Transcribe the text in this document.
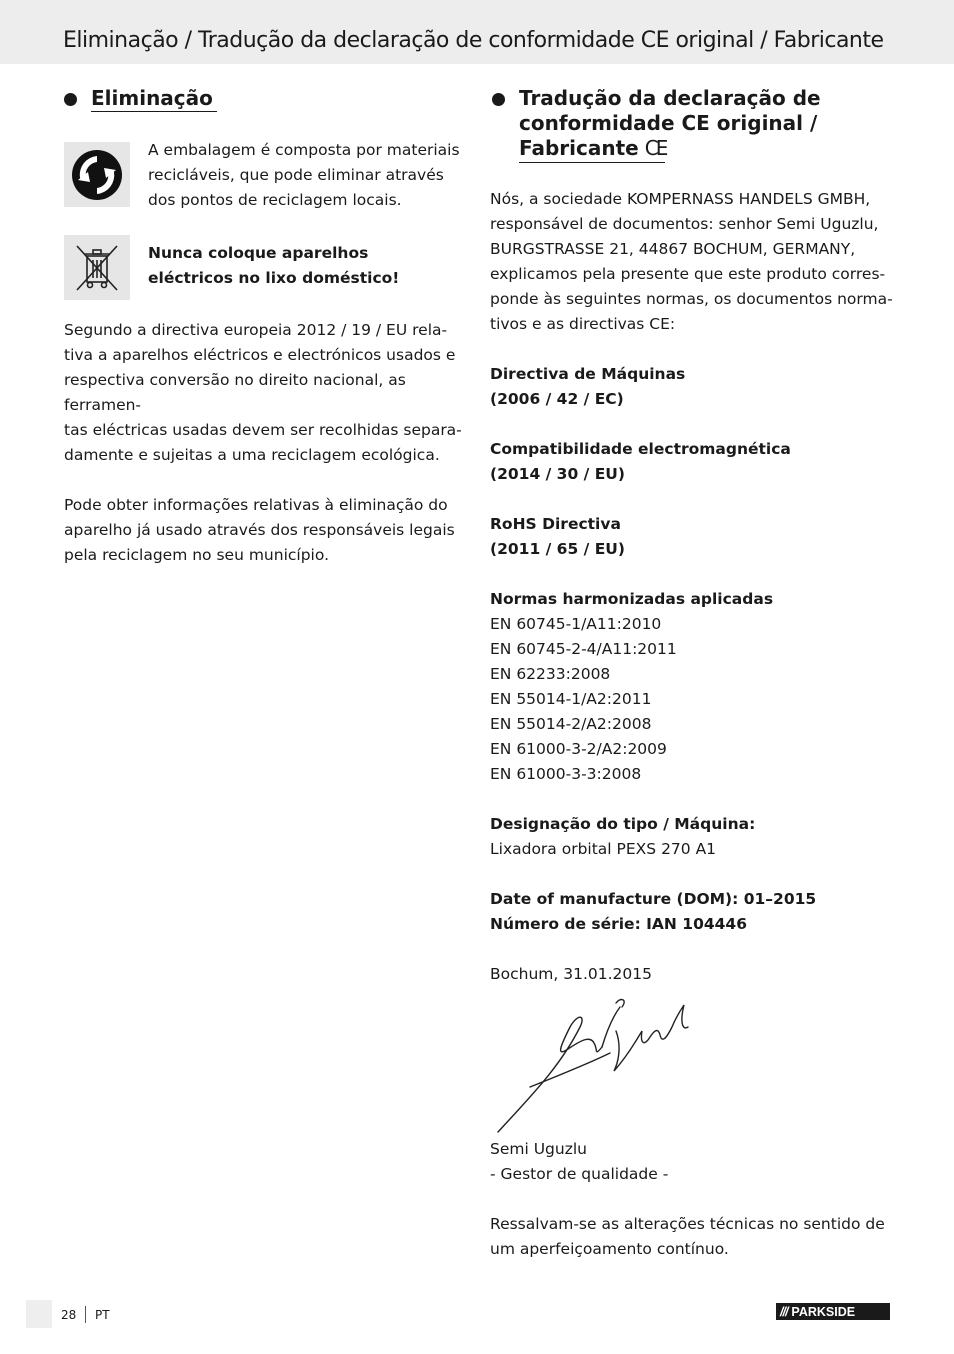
Eliminação / Tradução da declaração de conformidade CE original / Fabricante
Eliminação

A embalagem é composta por materiais

recicláveis, que pode eliminar através

dos pontos de reciclagem locais.

Nunca coloque aparelhos

eléctricos no lixo doméstico!

Segundo a directiva europeia 2012 / 19 / EU rela-

tiva a aparelhos eléctricos e electrónicos usados e

respectiva conversão no direito nacional, as ferramen-

tas eléctricas usadas devem ser recolhidas separa-

damente e sujeitas a uma reciclagem ecológica.

Pode obter informações relativas à eliminação do

aparelho já usado através dos responsáveis legais

pela reciclagem no seu município.

Tradução da declaração de
conformidade CE original /
Fabricante CE

Nós, a sociedade KOMPERNASS HANDELS GMBH,

responsável de documentos: senhor Semi Uguzlu,

BURGSTRASSE 21, 44867 BOCHUM, GERMANY,

explicamos pela presente que este produto corres-

ponde às seguintes normas, os documentos norma-

tivos e as directivas CE:

Directiva de Máquinas

(2006 / 42 / EC)

Compatibilidade electromagnética

(2014 / 30 / EU)

RoHS Directiva

(2011 / 65 / EU)

Normas harmonizadas aplicadas

EN 60745-1/A11:2010

EN 60745-2-4/A11:2011

EN 62233:2008

EN 55014-1/A2:2011

EN 55014-2/A2:2008

EN 61000-3-2/A2:2009

EN 61000-3-3:2008

Designação do tipo / Máquina:

Lixadora orbital PEXS 270 A1

Date of manufacture (DOM): 01–2015

Número de série: IAN 104446

Bochum, 31.01.2015

Semi Uguzlu

- Gestor de qualidade -

Ressalvam-se as alterações técnicas no sentido de

um aperfeiçoamento contínuo.

28 PT	/// PARKSIDE
